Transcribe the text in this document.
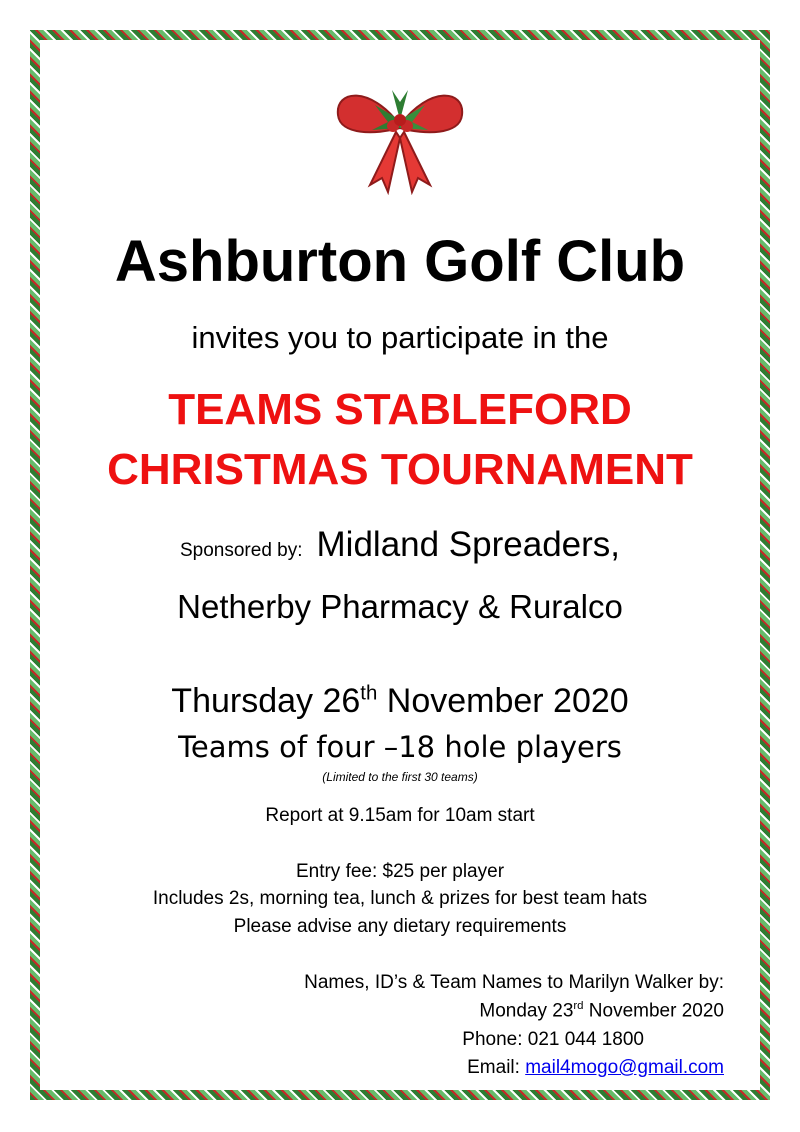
Ashburton Golf Club
invites you to participate in the
TEAMS STABLEFORD
CHRISTMAS TOURNAMENT
Sponsored by: Midland Spreaders,
Netherby Pharmacy & Ruralco
Thursday 26th November 2020
Teams of four –18 hole players
(Limited to the first 30 teams)
Report at 9.15am for 10am start
Entry fee: $25 per player
Includes 2s, morning tea, lunch & prizes for best team hats
Please advise any dietary requirements
Names, ID’s & Team Names to Marilyn Walker by:
Monday 23rd November 2020
Phone: 021 044 1800
Email: mail4mogo@gmail.com
